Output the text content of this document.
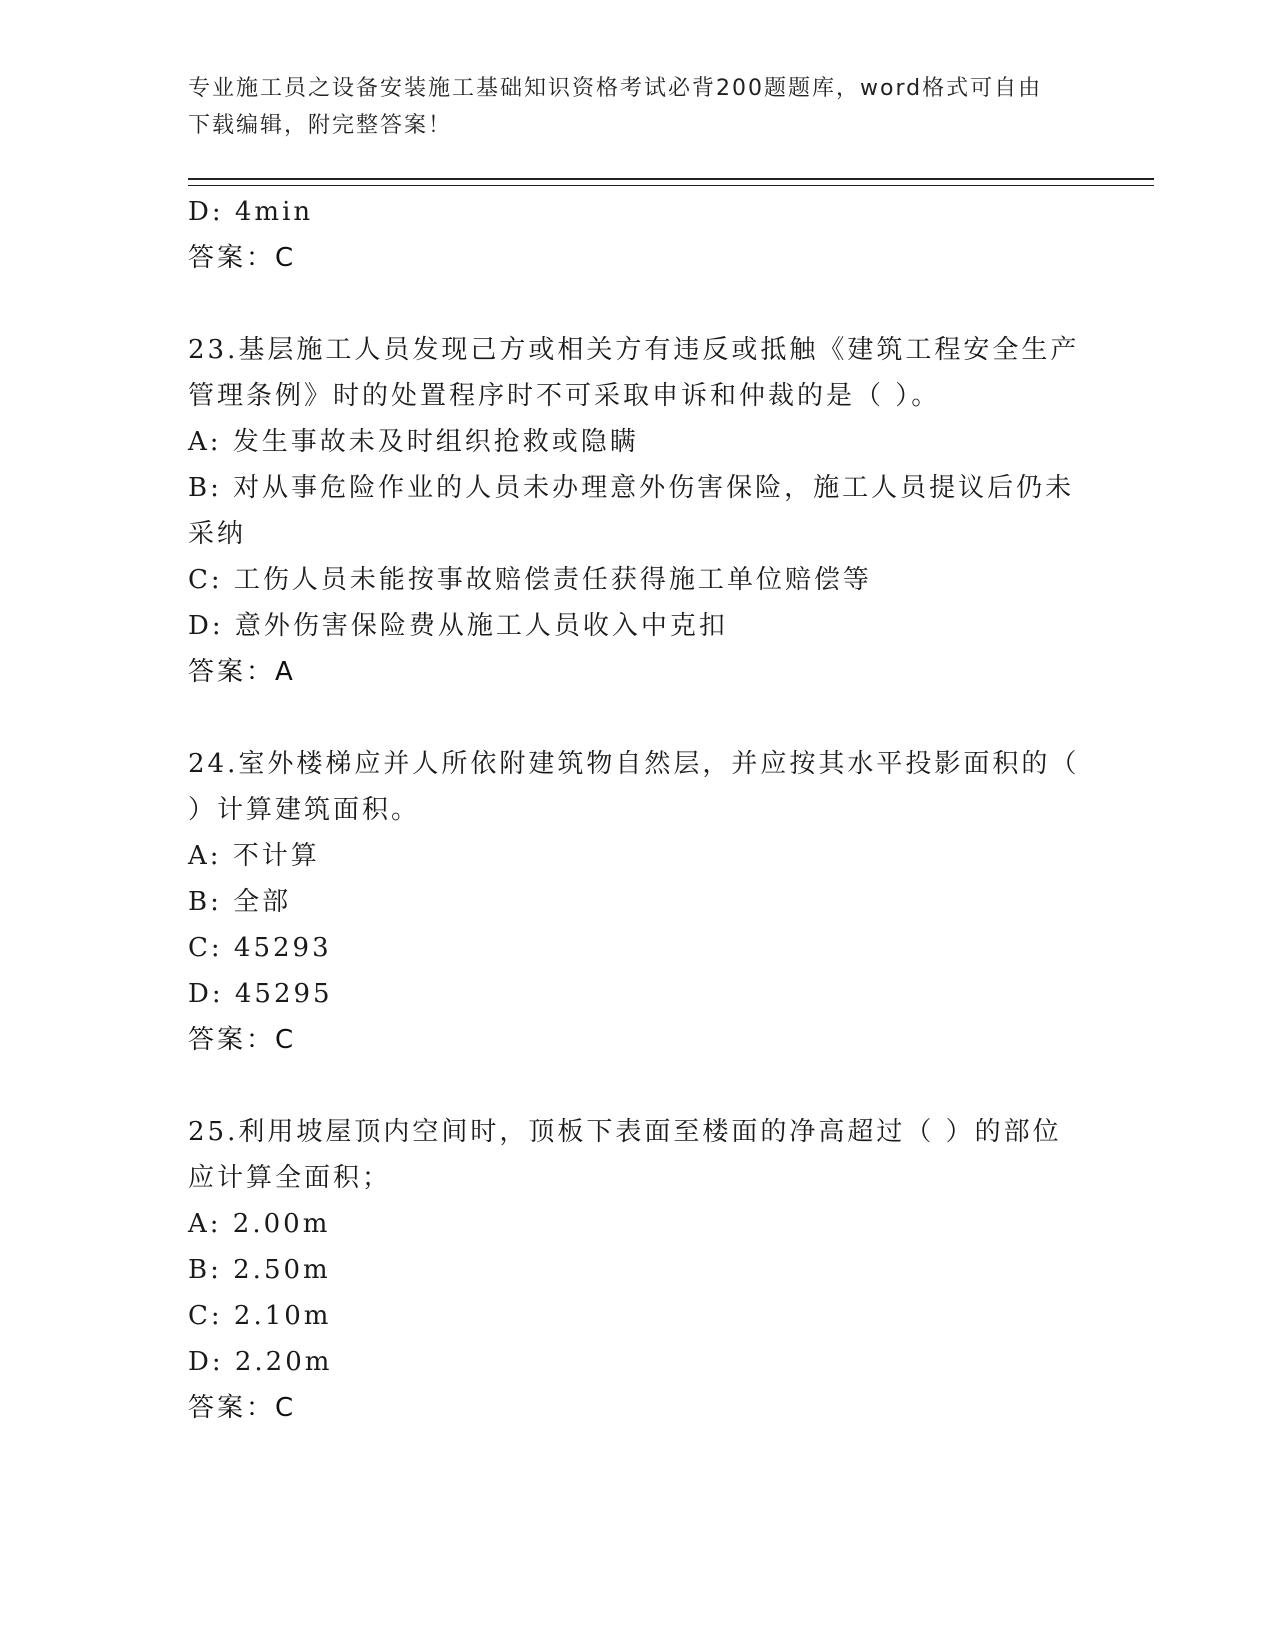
专业施工员之设备安装施工基础知识资格考试必背200题题库，word格式可自由
下载编辑，附完整答案！
D: 4min
答案：C
23.基层施工人员发现己方或相关方有违反或抵触《建筑工程安全生产
管理条例》时的处置程序时不可采取申诉和仲裁的是（ ）。
A: 发生事故未及时组织抢救或隐瞒
B: 对从事危险作业的人员未办理意外伤害保险，施工人员提议后仍未
采纳
C: 工伤人员未能按事故赔偿责任获得施工单位赔偿等
D: 意外伤害保险费从施工人员收入中克扣
答案：A
24.室外楼梯应并人所依附建筑物自然层，并应按其水平投影面积的（
）计算建筑面积。
A: 不计算
B: 全部
C: 45293
D: 45295
答案：C
25.利用坡屋顶内空间时，顶板下表面至楼面的净高超过（ ）的部位
应计算全面积；
A: 2.00m
B: 2.50m
C: 2.10m
D: 2.20m
答案：C
